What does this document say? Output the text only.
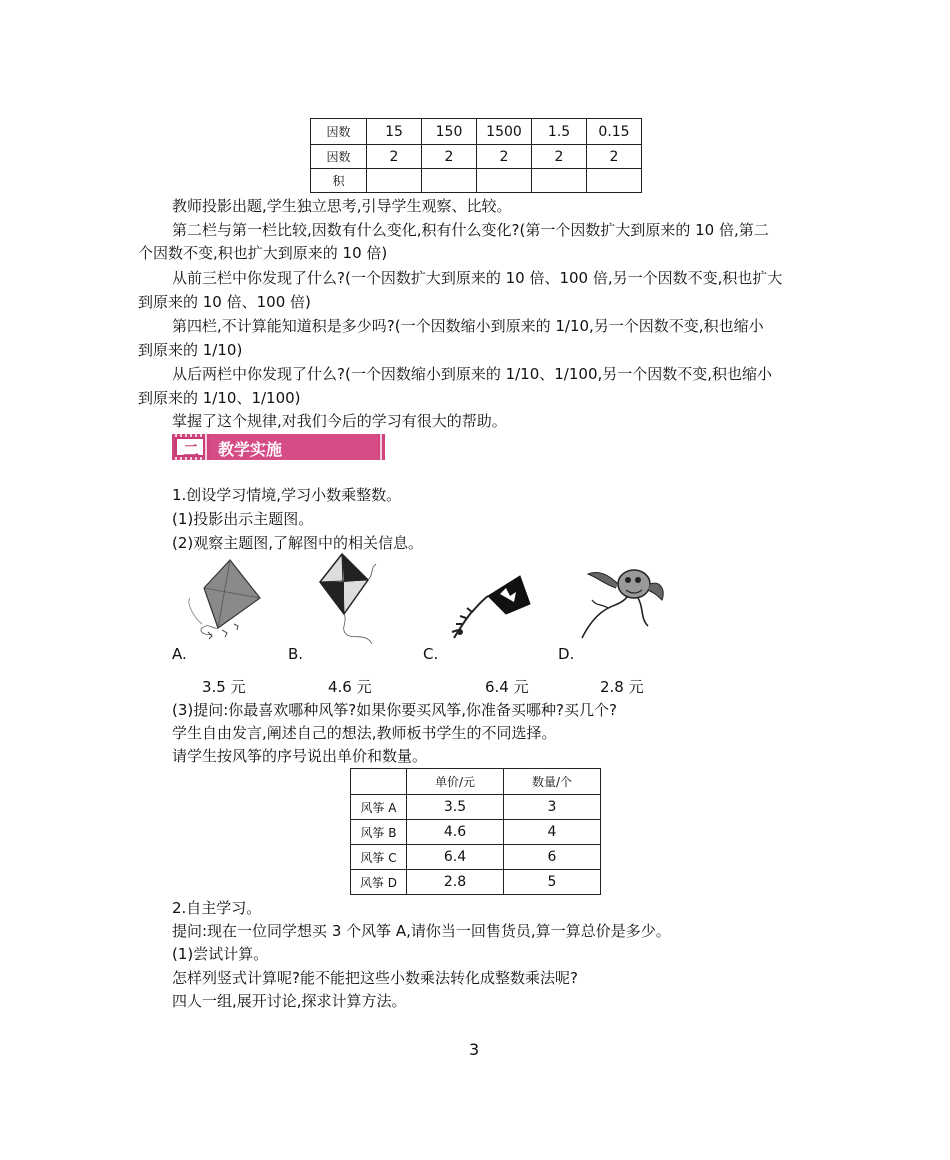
因数	15	150	1500	1.5	0.15
因数	2	2	2	2	2
积					
教师投影出题,学生独立思考,引导学生观察、比较。
第二栏与第一栏比较,因数有什么变化,积有什么变化?(第一个因数扩大到原来的 10 倍,第二
个因数不变,积也扩大到原来的 10 倍)
从前三栏中你发现了什么?(一个因数扩大到原来的 10 倍、100 倍,另一个因数不变,积也扩大
到原来的 10 倍、100 倍)
第四栏,不计算能知道积是多少吗?(一个因数缩小到原来的 1/10,另一个因数不变,积也缩小
到原来的 1/10)
从后两栏中你发现了什么?(一个因数缩小到原来的 1/10、1/100,另一个因数不变,积也缩小
到原来的 1/10、1/100)
掌握了这个规律,对我们今后的学习有很大的帮助。
二 教学实施
1.创设学习情境,学习小数乘整数。
(1)投影出示主题图。
(2)观察主题图,了解图中的相关信息。
A.
3.5 元
B.
4.6 元
C.
6.4 元
D.
2.8 元
(3)提问:你最喜欢哪种风筝?如果你要买风筝,你准备买哪种?买几个?
学生自由发言,阐述自己的想法,教师板书学生的不同选择。
请学生按风筝的序号说出单价和数量。
	单价/元	数量/个
风筝 A	3.5	3
风筝 B	4.6	4
风筝 C	6.4	6
风筝 D	2.8	5
2.自主学习。
提问:现在一位同学想买 3 个风筝 A,请你当一回售货员,算一算总价是多少。
(1)尝试计算。
怎样列竖式计算呢?能不能把这些小数乘法转化成整数乘法呢?
四人一组,展开讨论,探求计算方法。
3
